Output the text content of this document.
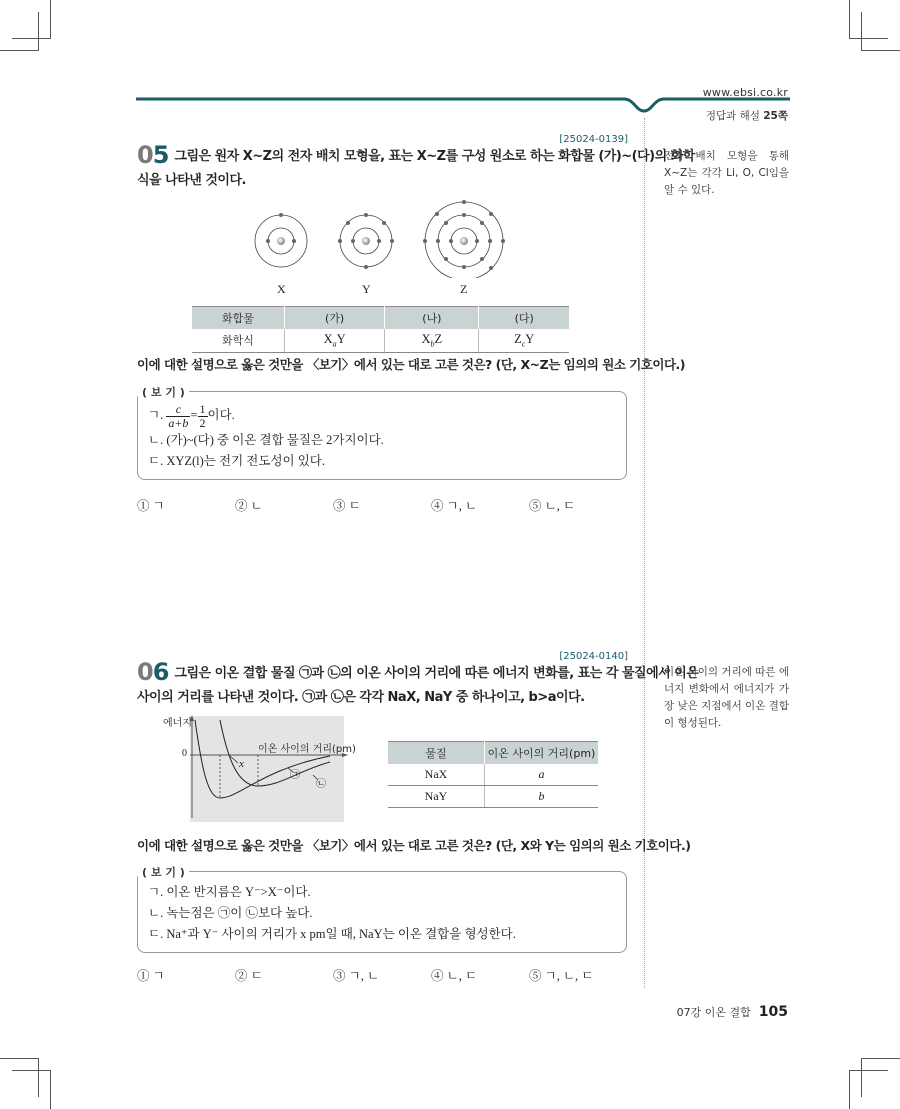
www.ebsi.co.kr
정답과 해설 25쪽
[25024-0139]
05 그림은 원자 X~Z의 전자 배치 모형을, 표는 X~Z를 구성 원소로 하는 화합물 (가)~(다)의 화학
식을 나타낸 것이다.
X	Y	Z
화합물	(가)	(나)	(다)
화학식	$X_aY$	$X_bZ$	$Z_cY$
이에 대한 설명으로 옳은 것만을 〈보기〉에서 있는 대로 고른 것은? (단, X~Z는 임의의 원소 기호이다.)
( 보 기 )
ㄱ. $\frac{c}{a+b} = \frac{1}{2}$ 이다.
ㄴ. (가)~(다) 중 이온 결합 물질은 2가지이다.
ㄷ. XYZ(l)는 전기 전도성이 있다.
① ㄱ	② ㄴ	③ ㄷ	④ ㄱ, ㄴ	⑤ ㄴ, ㄷ
전자 배치 모형을 통해 X~Z는 각각 Li, O, Cl임을 알 수 있다.
[25024-0140]
06 그림은 이온 결합 물질 ㉠과 ㉡의 이온 사이의 거리에 따른 에너지 변화를, 표는 각 물질에서 이온
사이의 거리를 나타낸 것이다. ㉠과 ㉡은 각각 NaX, NaY 중 하나이고, b>a이다.
에너지
0	이온 사이의 거리(pm)
x
㉠
㉡
물질	이온 사이의 거리(pm)
NaX	a
NaY	b
이에 대한 설명으로 옳은 것만을 〈보기〉에서 있는 대로 고른 것은? (단, X와 Y는 임의의 원소 기호이다.)
( 보 기 )
ㄱ. 이온 반지름은 Y⁻>X⁻이다.
ㄴ. 녹는점은 ㉠이 ㉡보다 높다.
ㄷ. Na⁺과 Y⁻ 사이의 거리가 x pm일 때, NaY는 이온 결합을 형성한다.
① ㄱ	② ㄷ	③ ㄱ, ㄴ	④ ㄴ, ㄷ	⑤ ㄱ, ㄴ, ㄷ
이온 사이의 거리에 따른 에너지 변화에서 에너지가 가장 낮은 지점에서 이온 결합이 형성된다.
07강 이온 결합 105
